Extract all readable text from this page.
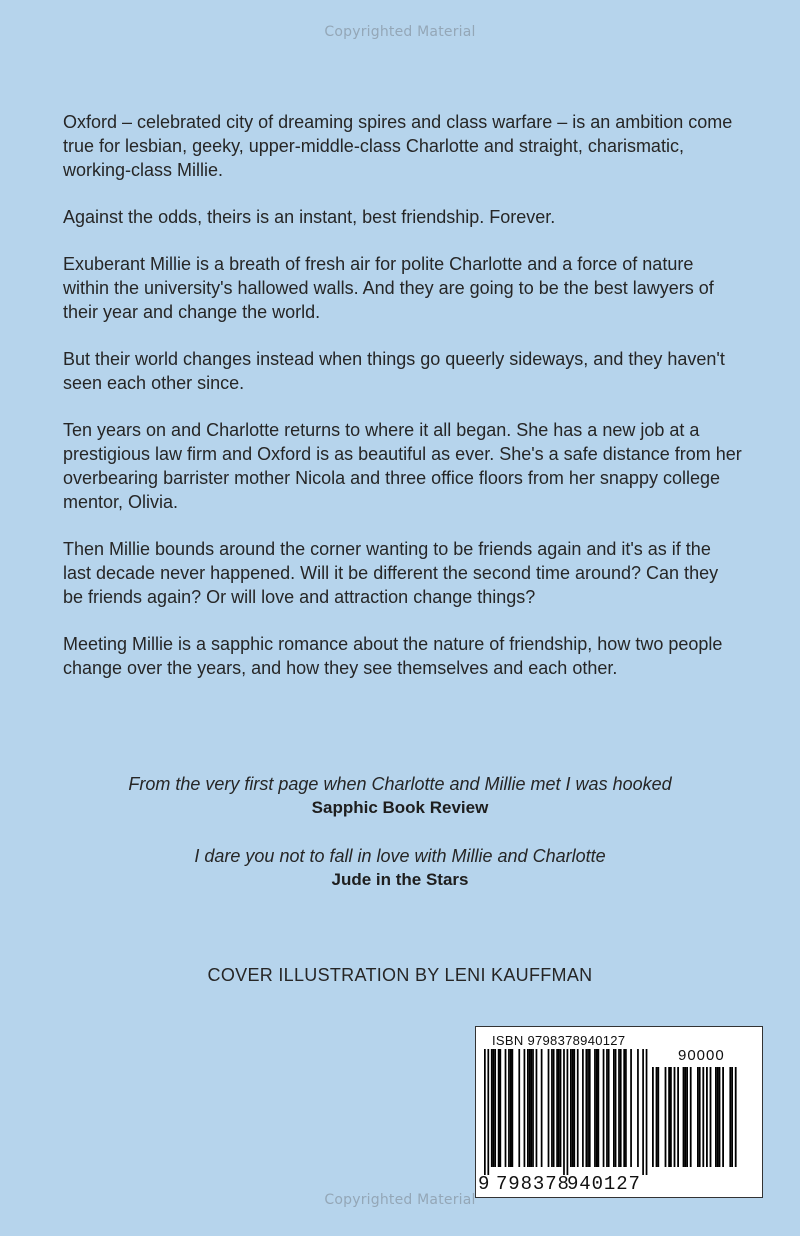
Copyrighted Material

Oxford – celebrated city of dreaming spires and class warfare – is an ambition come true for lesbian, geeky, upper-middle-class Charlotte and straight, charismatic, working-class Millie.

Against the odds, theirs is an instant, best friendship. Forever.

Exuberant Millie is a breath of fresh air for polite Charlotte and a force of nature within the university's hallowed walls. And they are going to be the best lawyers of their year and change the world.

But their world changes instead when things go queerly sideways, and they haven't seen each other since.

Ten years on and Charlotte returns to where it all began. She has a new job at a prestigious law firm and Oxford is as beautiful as ever. She's a safe distance from her overbearing barrister mother Nicola and three office floors from her snappy college mentor, Olivia.

Then Millie bounds around the corner wanting to be friends again and it's as if the last decade never happened. Will it be different the second time around? Can they be friends again? Or will love and attraction change things?

Meeting Millie is a sapphic romance about the nature of friendship, how two people change over the years, and how they see themselves and each other.

From the very first page when Charlotte and Millie met I was hooked
Sapphic Book Review
I dare you not to fall in love with Millie and Charlotte
Jude in the Stars
COVER ILLUSTRATION BY LENI KAUFFMAN
ISBN 9798378940127
90000
9 798378
940127
Copyrighted Material
